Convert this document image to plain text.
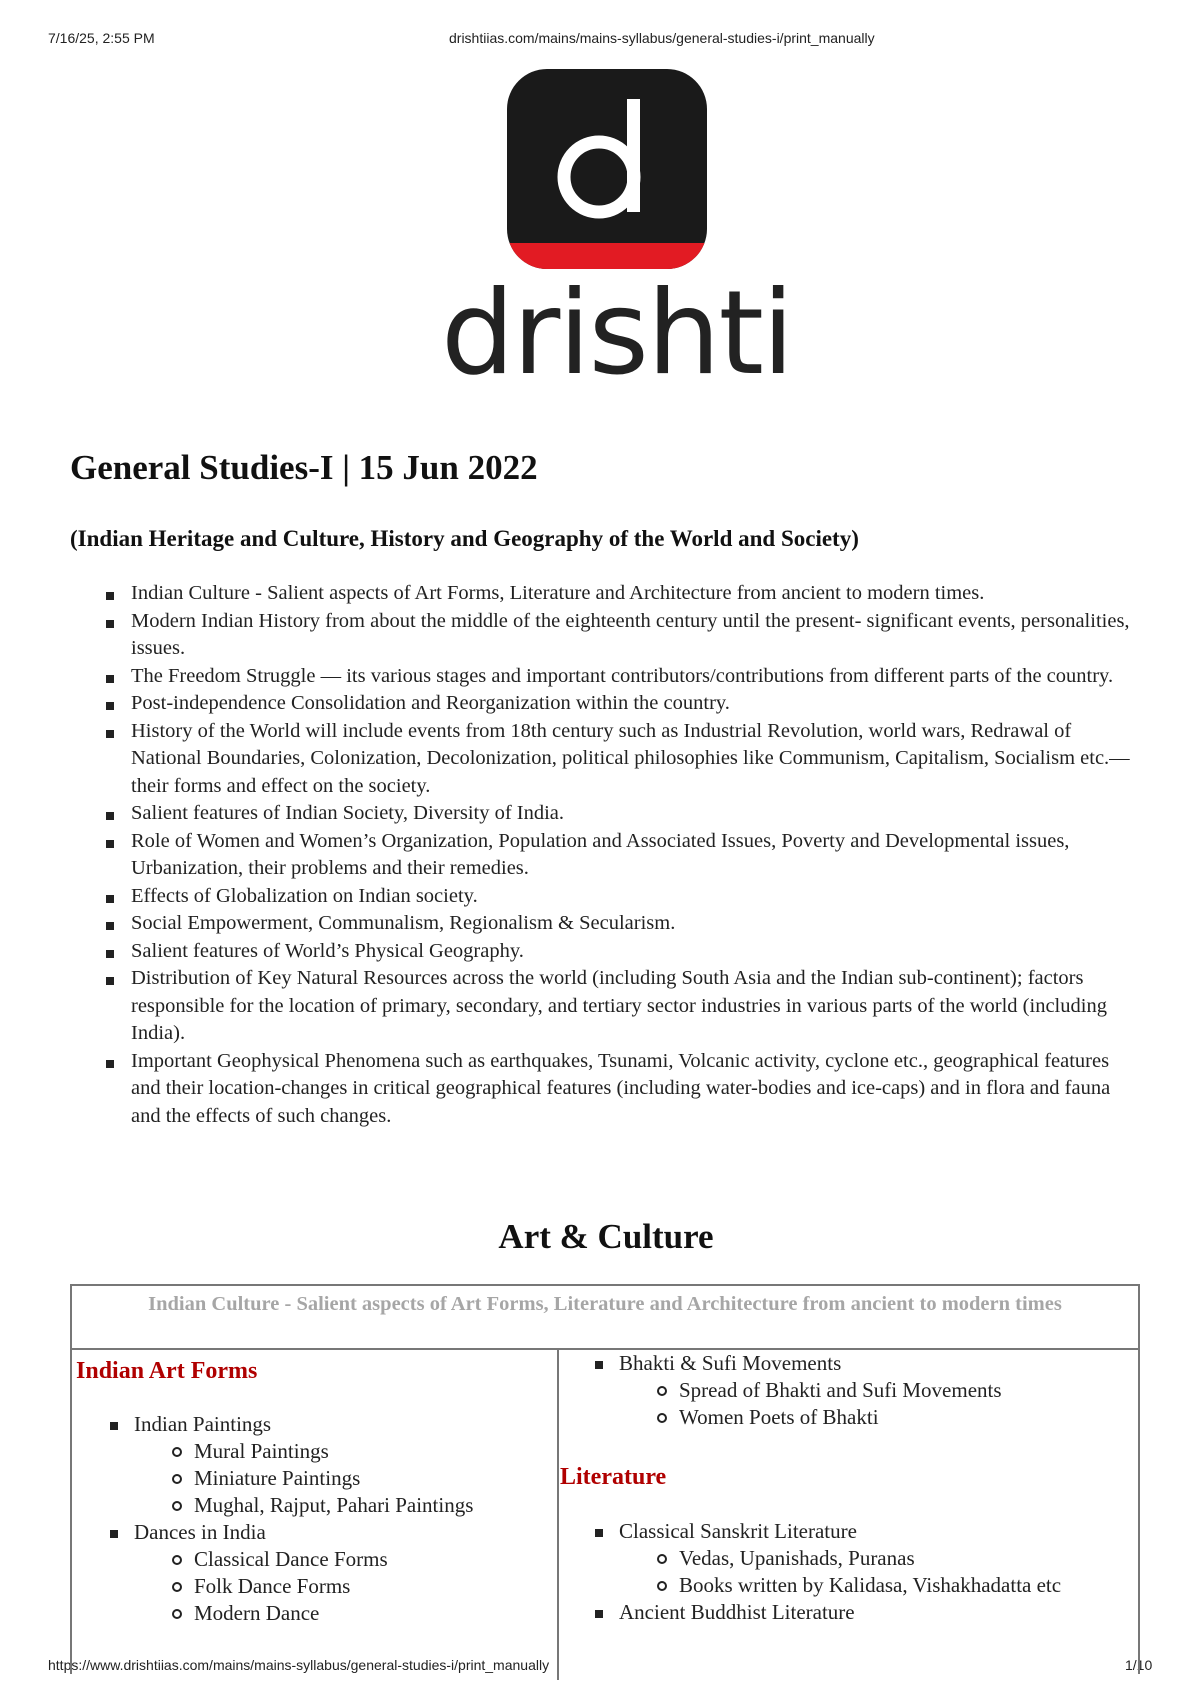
7/16/25, 2:55 PM	drishtiias.com/mains/mains-syllabus/general-studies-i/print_manually
https://www.drishtiias.com/mains/mains-syllabus/general-studies-i/print_manually	1/10
drishti
General Studies-I | 15 Jun 2022
(Indian Heritage and Culture, History and Geography of the World and Society)
Indian Culture - Salient aspects of Art Forms, Literature and Architecture from ancient to modern times.
Modern Indian History from about the middle of the eighteenth century until the present- significant events, personalities, issues.
The Freedom Struggle — its various stages and important contributors/contributions from different parts of the country.
Post-independence Consolidation and Reorganization within the country.
History of the World will include events from 18th century such as Industrial Revolution, world wars, Redrawal of National Boundaries, Colonization, Decolonization, political philosophies like Communism, Capitalism, Socialism etc.— their forms and effect on the society.
Salient features of Indian Society, Diversity of India.
Role of Women and Women’s Organization, Population and Associated Issues, Poverty and Developmental issues, Urbanization, their problems and their remedies.
Effects of Globalization on Indian society.
Social Empowerment, Communalism, Regionalism & Secularism.
Salient features of World’s Physical Geography.
Distribution of Key Natural Resources across the world (including South Asia and the Indian sub-continent); factors responsible for the location of primary, secondary, and tertiary sector industries in various parts of the world (including India).
Important Geophysical Phenomena such as earthquakes, Tsunami, Volcanic activity, cyclone etc., geographical features and their location-changes in critical geographical features (including water-bodies and ice-caps) and in flora and fauna and the effects of such changes.
Art & Culture
Indian Culture - Salient aspects of Art Forms, Literature and Architecture from ancient to modern times
Indian Art Forms
Indian Paintings
Mural Paintings
Miniature Paintings
Mughal, Rajput, Pahari Paintings
Dances in India
Classical Dance Forms
Folk Dance Forms
Modern Dance
Bhakti & Sufi Movements
Spread of Bhakti and Sufi Movements
Women Poets of Bhakti
Literature
Classical Sanskrit Literature
Vedas, Upanishads, Puranas
Books written by Kalidasa, Vishakhadatta etc
Ancient Buddhist Literature
